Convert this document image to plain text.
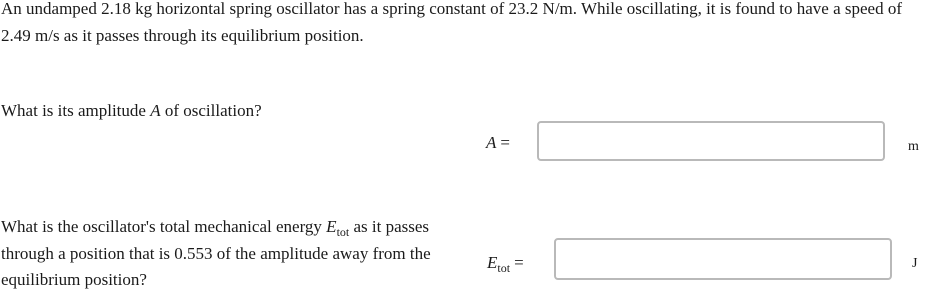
An undamped 2.18 kg horizontal spring oscillator has a spring constant of 23.2 N/m. While oscillating, it is found to have a speed of 2.49 m/s as it passes through its equilibrium position.
What is its amplitude A of oscillation?
A =	m
What is the oscillator's total mechanical energy $E_{tot}$ as it passes through a position that is 0.553 of the amplitude away from the equilibrium position?
$E_{tot}$ =	J
